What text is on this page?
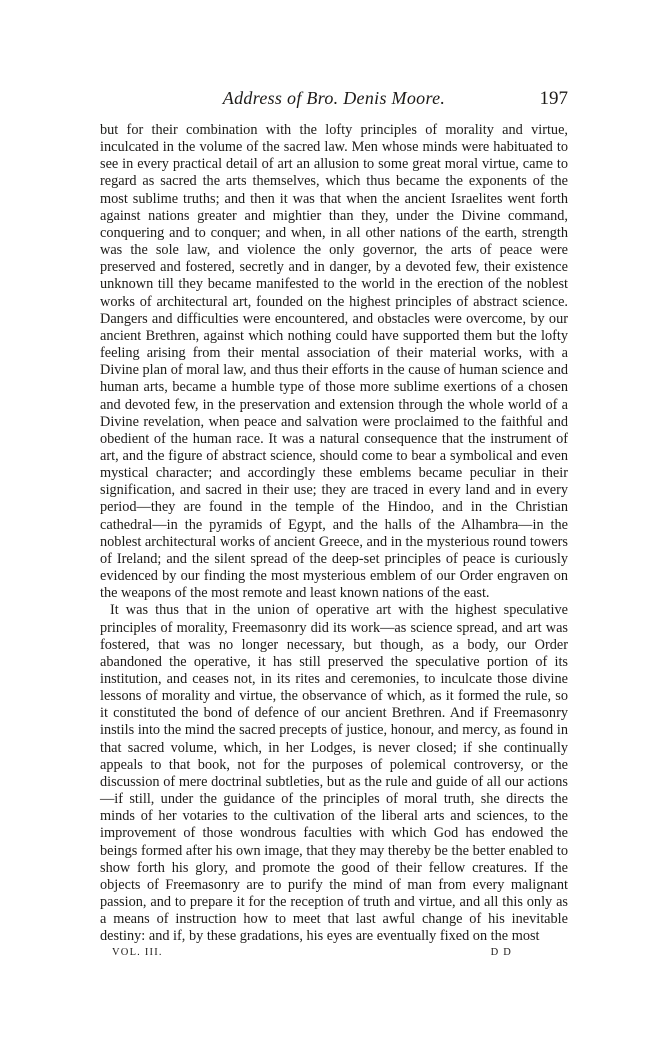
Address of Bro. Denis Moore.	197

but for their combination with the lofty principles of morality and virtue, inculcated in the volume of the sacred law. Men whose minds were habituated to see in every practical detail of art an allusion to some great moral virtue, came to regard as sacred the arts themselves, which thus became the exponents of the most sublime truths; and then it was that when the ancient Israelites went forth against nations greater and mightier than they, under the Divine command, conquering and to conquer; and when, in all other nations of the earth, strength was the sole law, and violence the only governor, the arts of peace were preserved and fostered, secretly and in danger, by a devoted few, their existence unknown till they became manifested to the world in the erection of the noblest works of architectural art, founded on the highest principles of abstract science. Dangers and difficulties were encountered, and obstacles were overcome, by our ancient Brethren, against which nothing could have supported them but the lofty feeling arising from their mental association of their material works, with a Divine plan of moral law, and thus their efforts in the cause of human science and human arts, became a humble type of those more sublime exertions of a chosen and devoted few, in the preservation and extension through the whole world of a Divine revelation, when peace and salvation were proclaimed to the faithful and obedient of the human race. It was a natural consequence that the instrument of art, and the figure of abstract science, should come to bear a symbolical and even mystical character; and accordingly these emblems became peculiar in their signification, and sacred in their use; they are traced in every land and in every period—they are found in the temple of the Hindoo, and in the Christian cathedral—in the pyramids of Egypt, and the halls of the Alhambra—in the noblest architectural works of ancient Greece, and in the mysterious round towers of Ireland; and the silent spread of the deep-set principles of peace is curiously evidenced by our finding the most mysterious emblem of our Order engraven on the weapons of the most remote and least known nations of the east.

It was thus that in the union of operative art with the highest speculative principles of morality, Freemasonry did its work—as science spread, and art was fostered, that was no longer necessary, but though, as a body, our Order abandoned the operative, it has still preserved the speculative portion of its institution, and ceases not, in its rites and ceremonies, to inculcate those divine lessons of morality and virtue, the observance of which, as it formed the rule, so it constituted the bond of defence of our ancient Brethren. And if Freemasonry instils into the mind the sacred precepts of justice, honour, and mercy, as found in that sacred volume, which, in her Lodges, is never closed; if she continually appeals to that book, not for the purposes of polemical controversy, or the discussion of mere doctrinal subtleties, but as the rule and guide of all our actions—if still, under the guidance of the principles of moral truth, she directs the minds of her votaries to the cultivation of the liberal arts and sciences, to the improvement of those wondrous faculties with which God has endowed the beings formed after his own image, that they may thereby be the better enabled to show forth his glory, and promote the good of their fellow creatures. If the objects of Freemasonry are to purify the mind of man from every malignant passion, and to prepare it for the reception of truth and virtue, and all this only as a means of instruction how to meet that last awful change of his inevitable destiny: and if, by these gradations, his eyes are eventually fixed on the most

VOL. III.	D D
